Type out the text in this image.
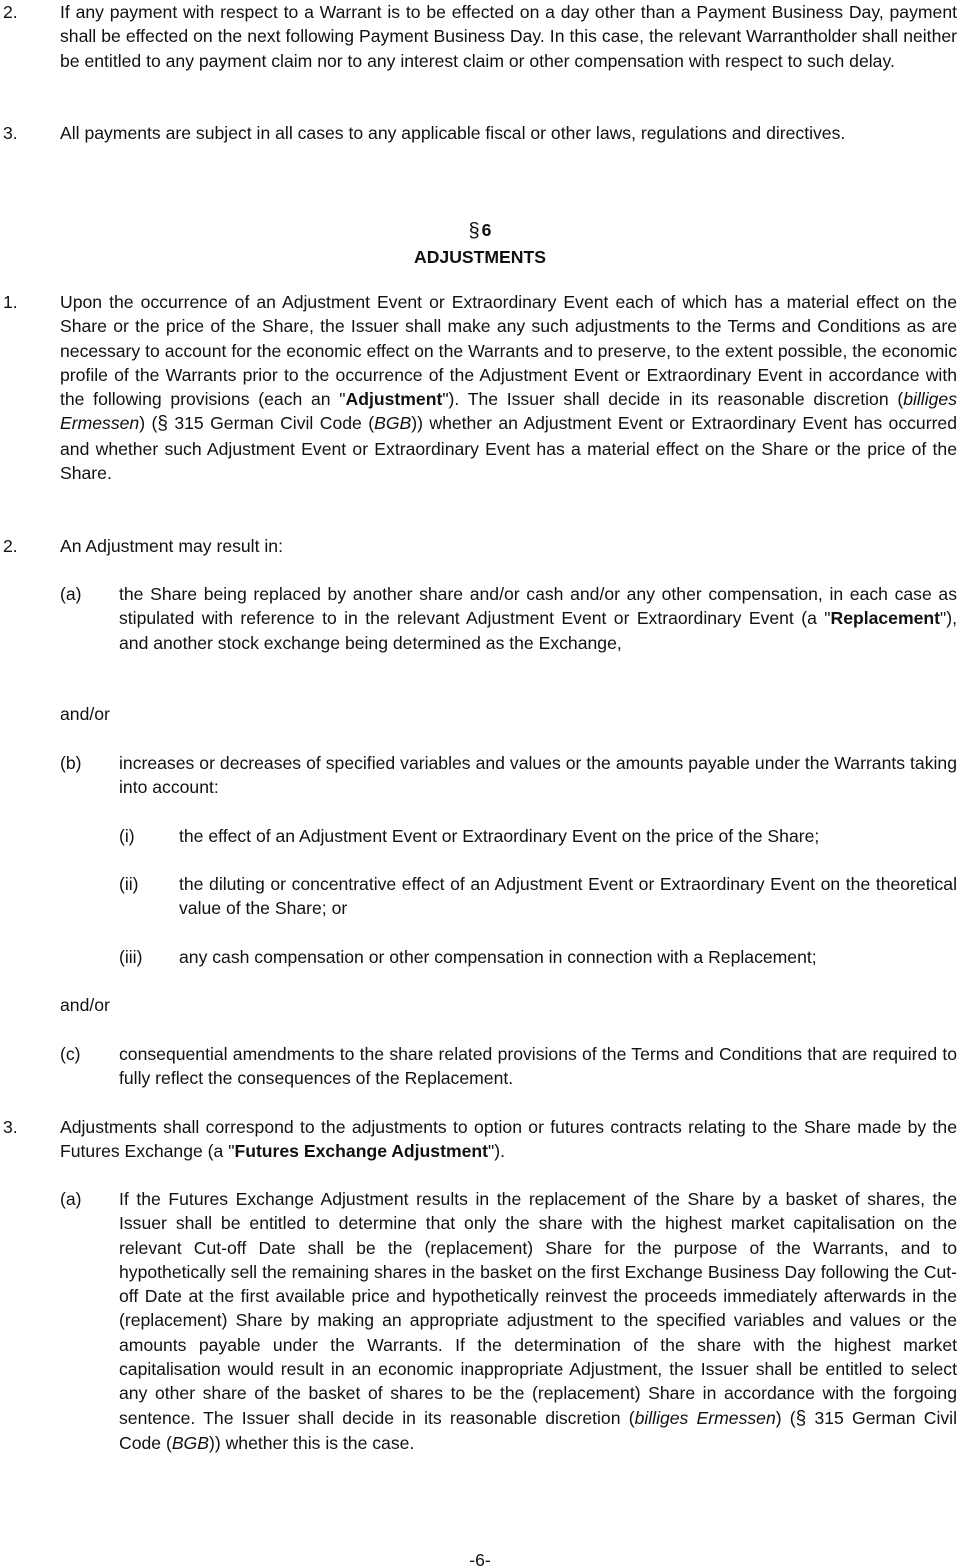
2. If any payment with respect to a Warrant is to be effected on a day other than a Payment Business Day, payment shall be effected on the next following Payment Business Day. In this case, the relevant Warrantholder shall neither be entitled to any payment claim nor to any interest claim or other compensation with respect to such delay.
3. All payments are subject in all cases to any applicable fiscal or other laws, regulations and directives.
§ 6
ADJUSTMENTS
1. Upon the occurrence of an Adjustment Event or Extraordinary Event each of which has a material effect on the Share or the price of the Share, the Issuer shall make any such adjustments to the Terms and Conditions as are necessary to account for the economic effect on the Warrants and to preserve, to the extent possible, the economic profile of the Warrants prior to the occurrence of the Adjustment Event or Extraordinary Event in accordance with the following provisions (each an "Adjustment"). The Issuer shall decide in its reasonable discretion (billiges Ermessen) (§ 315 German Civil Code (BGB)) whether an Adjustment Event or Extraordinary Event has occurred and whether such Adjustment Event or Extraordinary Event has a material effect on the Share or the price of the Share.
2. An Adjustment may result in:
(a) the Share being replaced by another share and/or cash and/or any other compensation, in each case as stipulated with reference to in the relevant Adjustment Event or Extraordinary Event (a "Replacement"), and another stock exchange being determined as the Exchange,
and/or
(b) increases or decreases of specified variables and values or the amounts payable under the Warrants taking into account:
(i)	the effect of an Adjustment Event or Extraordinary Event on the price of the Share;
(ii) the diluting or concentrative effect of an Adjustment Event or Extraordinary Event on the theoretical value of the Share; or
(iii) any cash compensation or other compensation in connection with a Replacement;
and/or
(c) consequential amendments to the share related provisions of the Terms and Conditions that are required to fully reflect the consequences of the Replacement.
3. Adjustments shall correspond to the adjustments to option or futures contracts relating to the Share made by the Futures Exchange (a "Futures Exchange Adjustment").
(a) If the Futures Exchange Adjustment results in the replacement of the Share by a basket of shares, the Issuer shall be entitled to determine that only the share with the highest market capitalisation on the relevant Cut-off Date shall be the (replacement) Share for the purpose of the Warrants, and to hypothetically sell the remaining shares in the basket on the first Exchange Business Day following the Cut-off Date at the first available price and hypothetically reinvest the proceeds immediately afterwards in the (replacement) Share by making an appropriate adjustment to the specified variables and values or the amounts payable under the Warrants. If the determination of the share with the highest market capitalisation would result in an economic inappropriate Adjustment, the Issuer shall be entitled to select any other share of the basket of shares to be the (replacement) Share in accordance with the forgoing sentence. The Issuer shall decide in its reasonable discretion (billiges Ermessen) (§ 315 German Civil Code (BGB)) whether this is the case.
-6-
